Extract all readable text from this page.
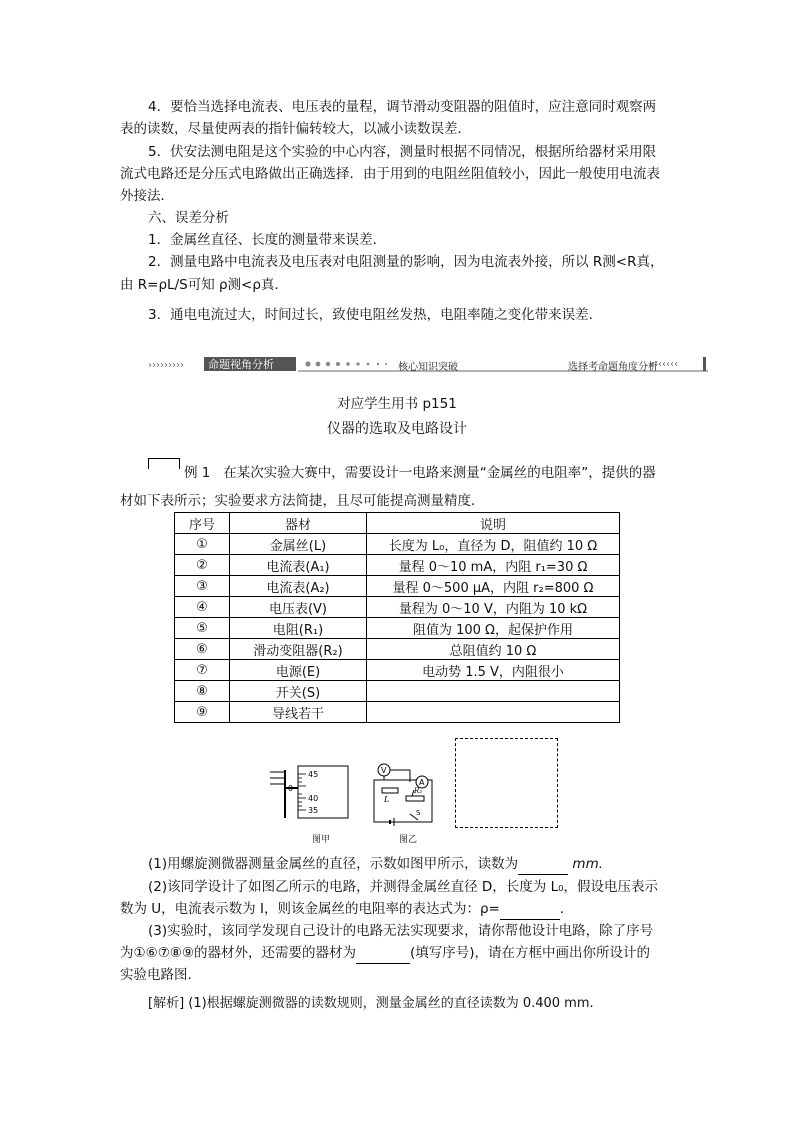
4．要恰当选择电流表、电压表的量程，调节滑动变阻器的阻值时，应注意同时观察两
表的读数，尽量使两表的指针偏转较大，以减小读数误差．
5．伏安法测电阻是这个实验的中心内容，测量时根据不同情况，根据所给器材采用限
流式电路还是分压式电路做出正确选择．由于用到的电阻丝阻值较小，因此一般使用电流表
外接法．
六、误差分析
1．金属丝直径、长度的测量带来误差．
2．测量电路中电流表及电压表对电阻测量的影响，因为电流表外接，所以 R测<R真，
由 R=ρL/S可知 ρ测<ρ真．
3．通电电流过大，时间过长，致使电阻丝发热，电阻率随之变化带来误差．
›››››››››	‹‹‹‹‹‹‹
命题视角分析	核心知识突破	选择考命题角度分析
对应学生用书 p151
仪器的选取及电路设计
例 1 在某次实验大赛中，需要设计一电路来测量“金属丝的电阻率”，提供的器
材如下表所示；实验要求方法简捷，且尽可能提高测量精度．
序号	器材	说明
①	金属丝(L)	长度为 L₀，直径为 D，阻值约 10 Ω
②	电流表(A₁)	量程 0～10 mA，内阻 r₁=30 Ω
③	电流表(A₂)	量程 0～500 μA，内阻 r₂=800 Ω
④	电压表(V)	量程为 0～10 V，内阻为 10 kΩ
⑤	电阻(R₁)	阻值为 100 Ω，起保护作用
⑥	滑动变阻器(R₂)	总阻值约 10 Ω
⑦	电源(E)	电动势 1.5 V，内阻很小
⑧	开关(S)	
⑨	导线若干	
0
45
40
35
图甲
V
A
L
R₂
S
图乙
(1)用螺旋测微器测量金属丝的直径，示数如图甲所示，读数为	mm.
(2)该同学设计了如图乙所示的电路，并测得金属丝直径 D，长度为 L₀，假设电压表示
数为 U，电流表示数为 I，则该金属丝的电阻率的表达式为：ρ=	．
(3)实验时，该同学发现自己设计的电路无法实现要求，请你帮他设计电路，除了序号
为①⑥⑦⑧⑨的器材外，还需要的器材为	(填写序号)，请在方框中画出你所设计的
实验电路图．
[解析] (1)根据螺旋测微器的读数规则，测量金属丝的直径读数为 0.400 mm.
